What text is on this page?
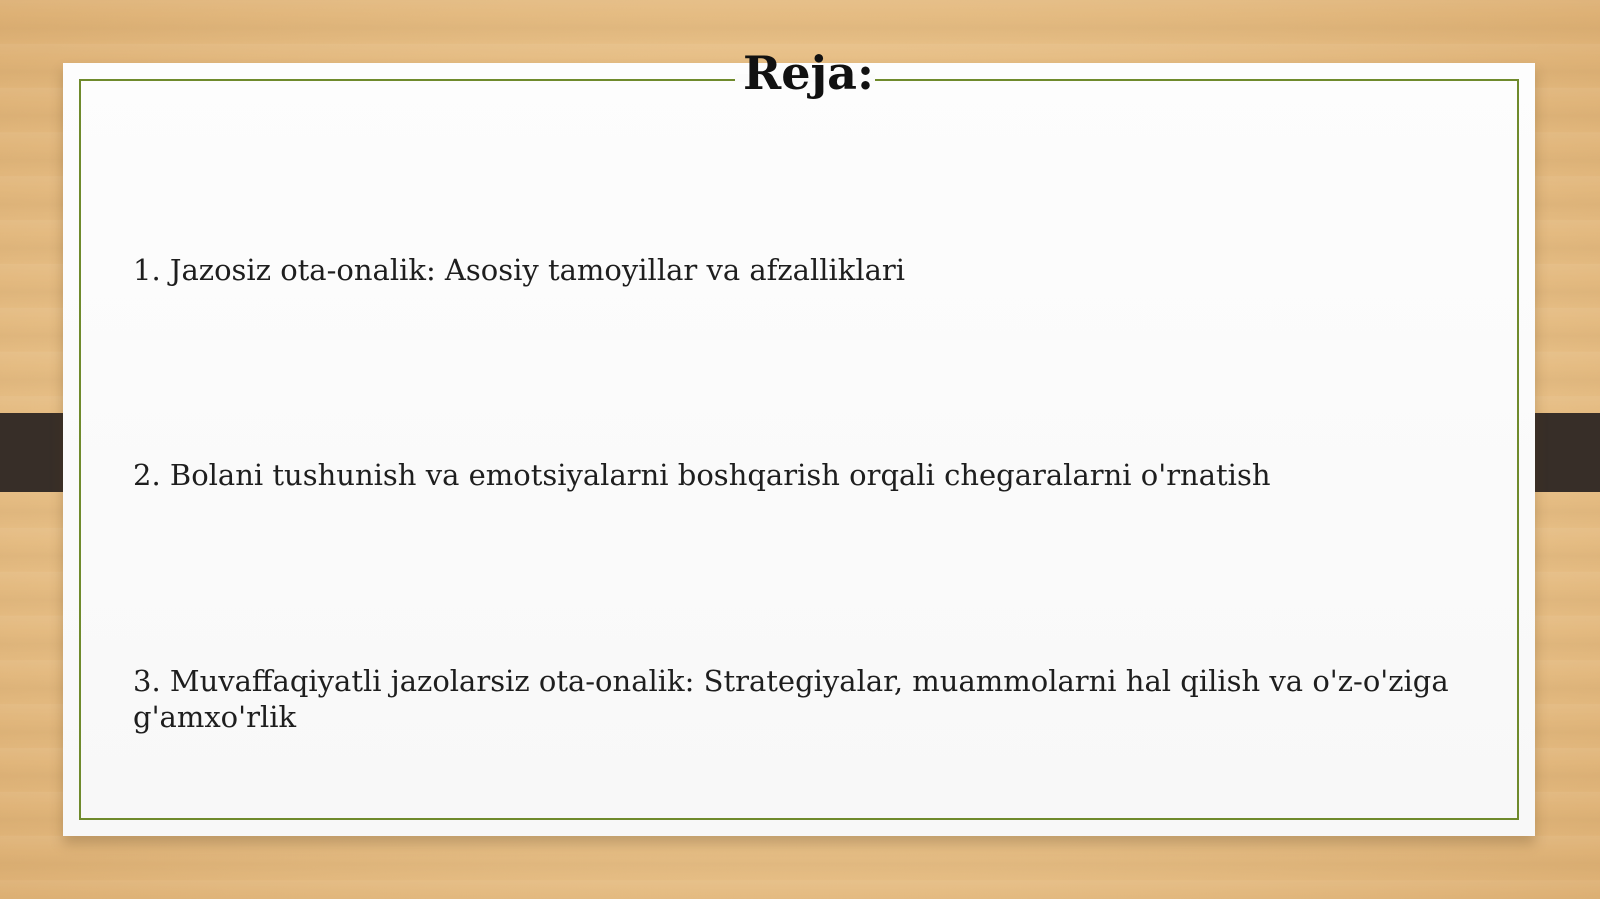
Reja:
1. Jazosiz ota-onalik: Asosiy tamoyillar va afzalliklari
2. Bolani tushunish va emotsiyalarni boshqarish orqali chegaralarni o'rnatish
3. Muvaffaqiyatli jazolarsiz ota-onalik: Strategiyalar, muammolarni hal qilish va o'z-o'ziga g'amxo'rlik
